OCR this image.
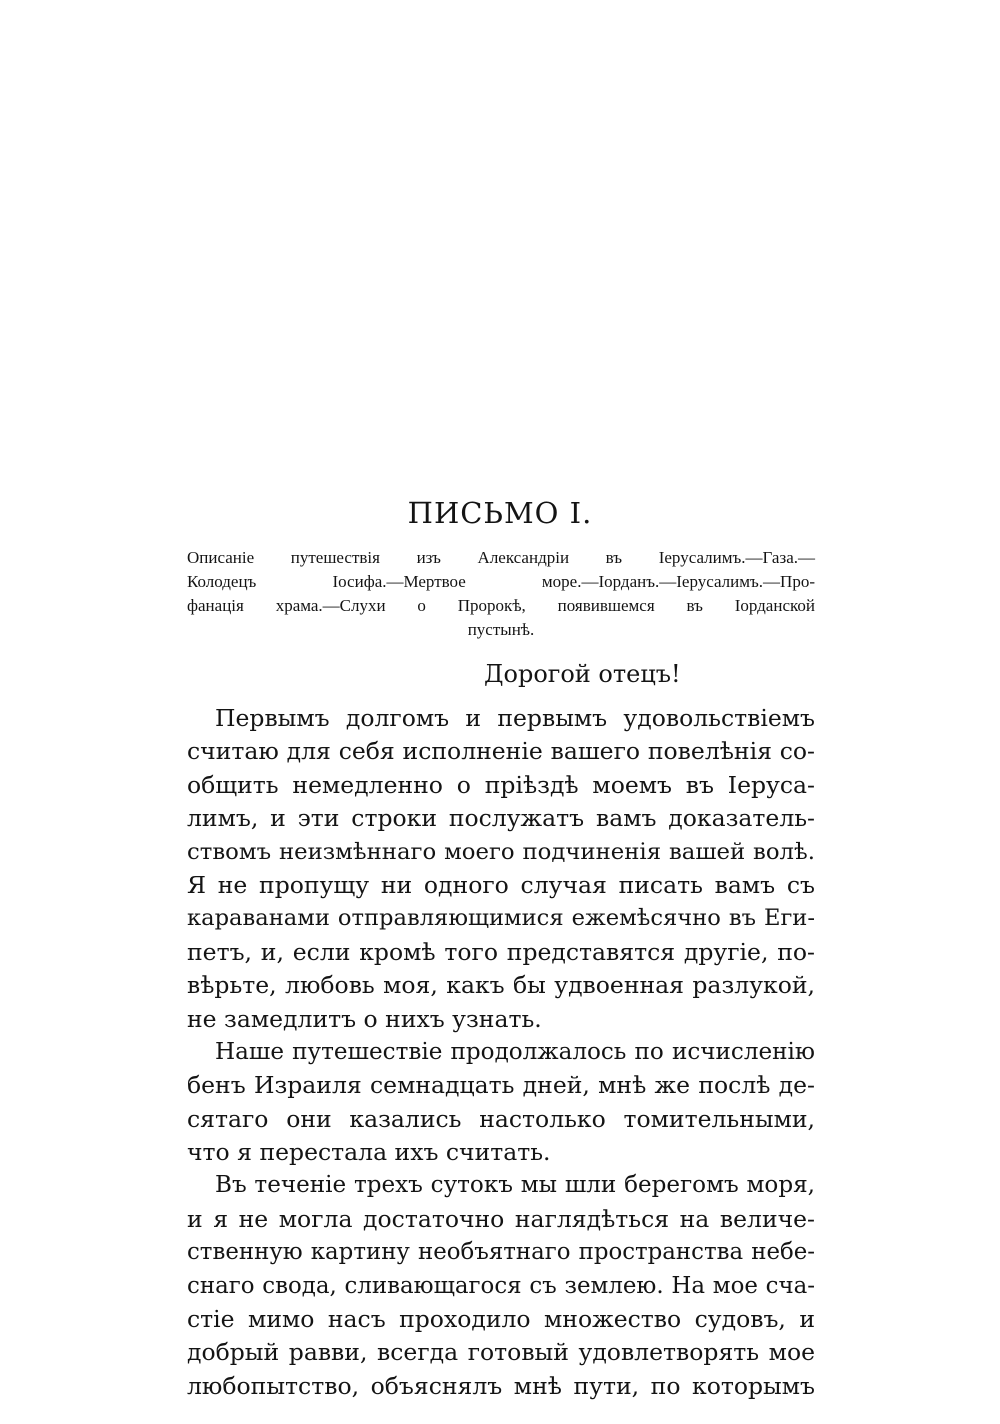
ПИСЬМО I.
Описаніе путешествія изъ Александріи въ Іерусалимъ.—Газа.—
Колодецъ Іосифа.—Мертвое море.—Іорданъ.—Іерусалимъ.—Про-
фанація храма.—Слухи о Пророкѣ, появившемся въ Іорданской
пустынѣ.

Дорогой отецъ!

Первымъ долгомъ и первымъ удовольствіемъ
считаю для себя исполненіе вашего повелѣнія со-
общить немедленно о пріѣздѣ моемъ въ Іеруса-
лимъ, и эти строки послужатъ вамъ доказатель-
ствомъ неизмѣннаго моего подчиненія вашей волѣ.
Я не пропущу ни одного случая писать вамъ съ
караванами отправляющимися ежемѣсячно въ Еги-
петъ, и, если кромѣ того представятся другіе, по-
вѣрьте, любовь моя, какъ бы удвоенная разлукой,
не замедлитъ о нихъ узнать.
Наше путешествіе продолжалось по исчисленію
бенъ Израиля семнадцать дней, мнѣ же послѣ де-
сятаго они казались настолько томительными,
что я перестала ихъ считать.
Въ теченіе трехъ сутокъ мы шли берегомъ моря,
и я не могла достаточно наглядѣться на величе-
ственную картину необъятнаго пространства небе-
снаго свода, сливающагося съ землею. На мое сча-
стіе мимо насъ проходило множество судовъ, и
добрый равви, всегда готовый удовлетворять мое
любопытство, объяснялъ мнѣ пути, по которымъ
